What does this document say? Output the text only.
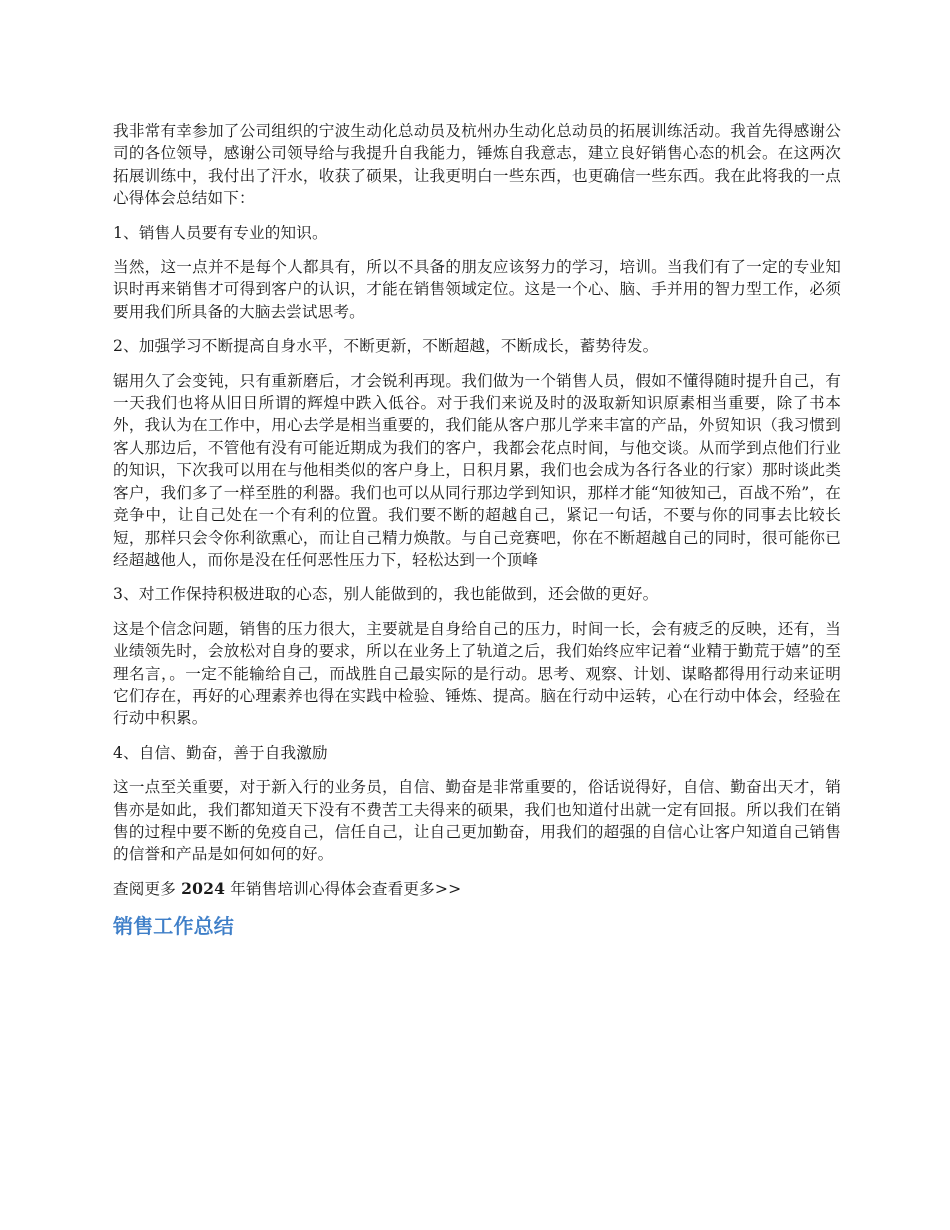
我非常有幸参加了公司组织的宁波生动化总动员及杭州办生动化总动员的拓展训练活动。我首先得感谢公司的各位领导，感谢公司领导给与我提升自我能力，锤炼自我意志，建立良好销售心态的机会。在这两次拓展训练中，我付出了汗水，收获了硕果，让我更明白一些东西，也更确信一些东西。我在此将我的一点心得体会总结如下：

1、销售人员要有专业的知识。

当然，这一点并不是每个人都具有，所以不具备的朋友应该努力的学习，培训。当我们有了一定的专业知识时再来销售才可得到客户的认识，才能在销售领域定位。这是一个心、脑、手并用的智力型工作，必须要用我们所具备的大脑去尝试思考。

2、加强学习不断提高自身水平，不断更新，不断超越，不断成长，蓄势待发。

锯用久了会变钝，只有重新磨后，才会锐利再现。我们做为一个销售人员，假如不懂得随时提升自己，有一天我们也将从旧日所谓的辉煌中跌入低谷。对于我们来说及时的汲取新知识原素相当重要，除了书本外，我认为在工作中，用心去学是相当重要的，我们能从客户那儿学来丰富的产品，外贸知识（我习惯到客人那边后，不管他有没有可能近期成为我们的客户，我都会花点时间，与他交谈。从而学到点他们行业的知识，下次我可以用在与他相类似的客户身上，日积月累，我们也会成为各行各业的行家）那时谈此类客户，我们多了一样至胜的利器。我们也可以从同行那边学到知识，那样才能“知彼知己，百战不殆”，在竞争中，让自己处在一个有利的位置。我们要不断的超越自己，紧记一句话，不要与你的同事去比较长短，那样只会令你利欲熏心，而让自己精力焕散。与自己竞赛吧，你在不断超越自己的同时，很可能你已经超越他人，而你是没在任何恶性压力下，轻松达到一个顶峰

3、对工作保持积极进取的心态，别人能做到的，我也能做到，还会做的更好。

这是个信念问题，销售的压力很大，主要就是自身给自己的压力，时间一长，会有疲乏的反映，还有，当业绩领先时，会放松对自身的要求，所以在业务上了轨道之后，我们始终应牢记着“业精于勤荒于嬉”的至理名言，。一定不能输给自己，而战胜自己最实际的是行动。思考、观察、计划、谋略都得用行动来证明它们存在，再好的心理素养也得在实践中检验、锤炼、提高。脑在行动中运转，心在行动中体会，经验在行动中积累。

4、自信、勤奋，善于自我激励

这一点至关重要，对于新入行的业务员，自信、勤奋是非常重要的，俗话说得好，自信、勤奋出天才，销售亦是如此，我们都知道天下没有不费苦工夫得来的硕果，我们也知道付出就一定有回报。所以我们在销售的过程中要不断的免疫自己，信任自己，让自己更加勤奋，用我们的超强的自信心让客户知道自己销售的信誉和产品是如何如何的好。

查阅更多 2024 年销售培训心得体会查看更多>>

销售工作总结
